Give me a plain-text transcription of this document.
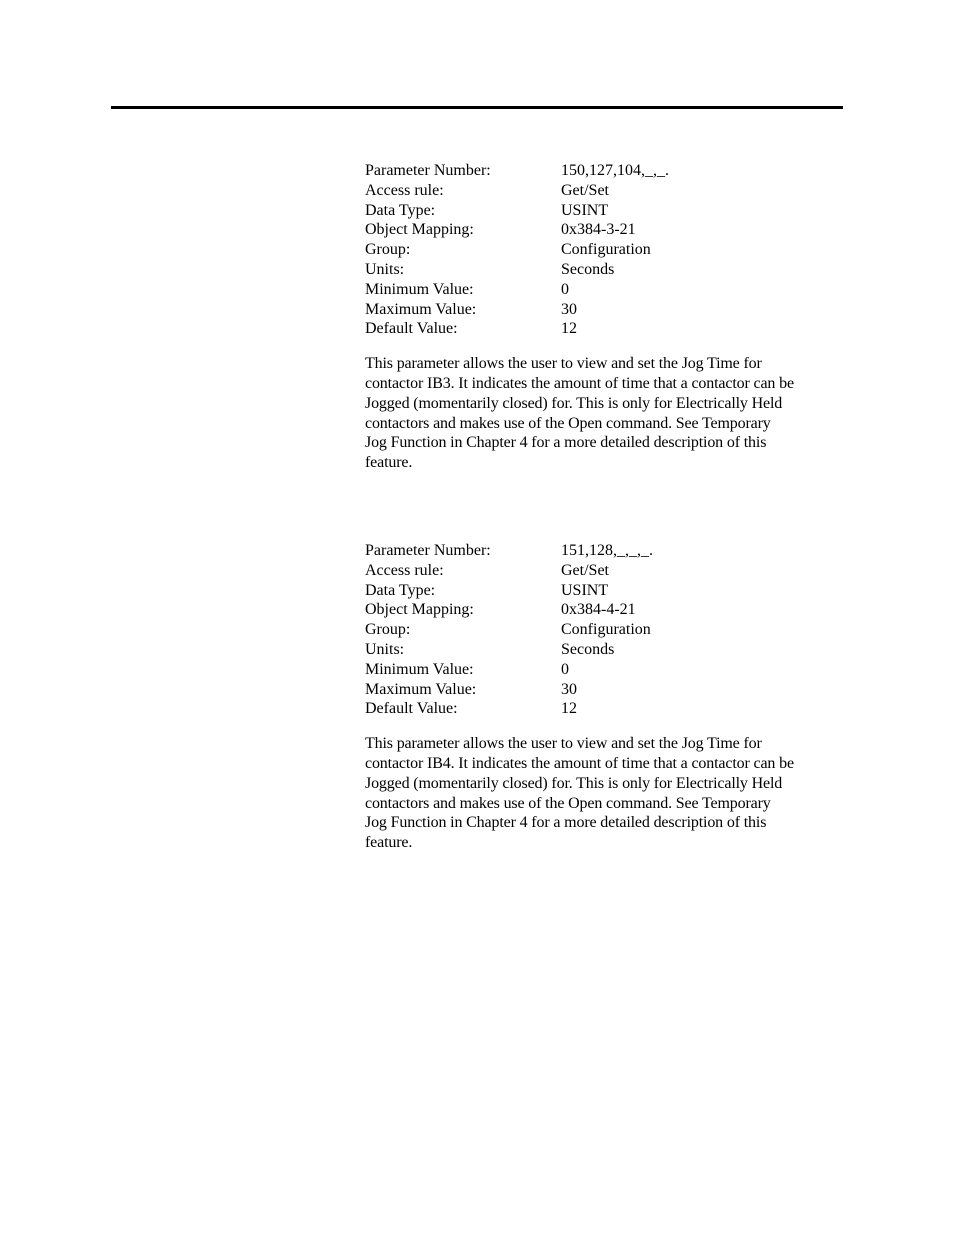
Parameter Number:	150,127,104,_,_.
Access rule:	Get/Set
Data Type:	USINT
Object Mapping:	0x384-3-21
Group:	Configuration
Units:	Seconds
Minimum Value:	0
Maximum Value:	30
Default Value:	12

This parameter allows the user to view and set the Jog Time for
contactor IB3. It indicates the amount of time that a contactor can be
Jogged (momentarily closed) for. This is only for Electrically Held
contactors and makes use of the Open command. See Temporary
Jog Function in Chapter 4 for a more detailed description of this
feature.

Parameter Number:	151,128,_,_,_.
Access rule:	Get/Set
Data Type:	USINT
Object Mapping:	0x384-4-21
Group:	Configuration
Units:	Seconds
Minimum Value:	0
Maximum Value:	30
Default Value:	12

This parameter allows the user to view and set the Jog Time for
contactor IB4. It indicates the amount of time that a contactor can be
Jogged (momentarily closed) for. This is only for Electrically Held
contactors and makes use of the Open command. See Temporary
Jog Function in Chapter 4 for a more detailed description of this
feature.
